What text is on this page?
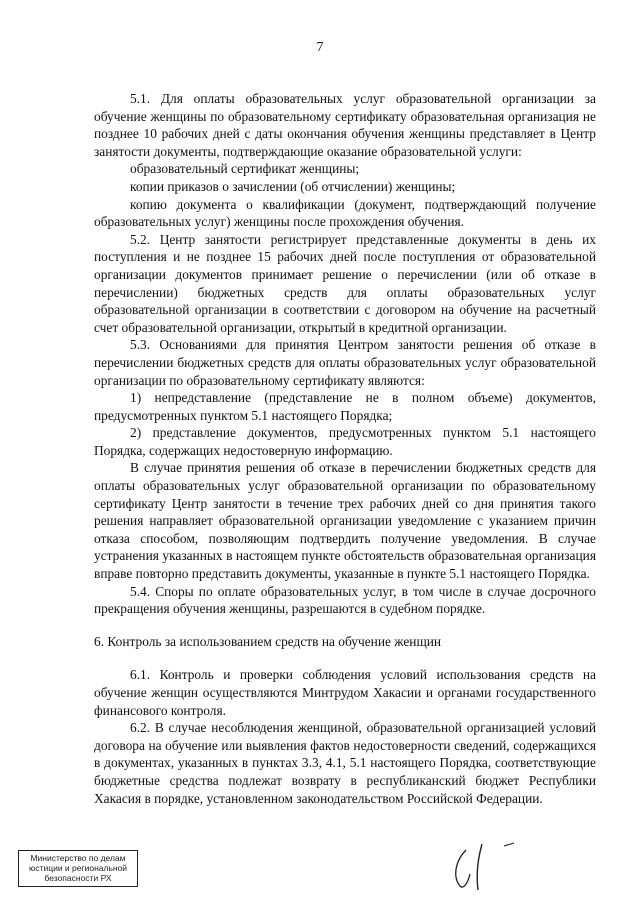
7

5.1. Для оплаты образовательных услуг образовательной организации за обучение женщины по образовательному сертификату образовательная организация не позднее 10 рабочих дней с даты окончания обучения женщины представляет в Центр занятости документы, подтверждающие оказание образовательной услуги:

образовательный сертификат женщины;

копии приказов о зачислении (об отчислении) женщины;

копию документа о квалификации (документ, подтверждающий получение образовательных услуг) женщины после прохождения обучения.

5.2. Центр занятости регистрирует представленные документы в день их поступления и не позднее 15 рабочих дней после поступления от образовательной организации документов принимает решение о перечислении (или об отказе в перечислении) бюджетных средств для оплаты образовательных услуг образовательной организации в соответствии с договором на обучение на расчетный счет образовательной организации, открытый в кредитной организации.

5.3. Основаниями для принятия Центром занятости решения об отказе в перечислении бюджетных средств для оплаты образовательных услуг образовательной организации по образовательному сертификату являются:

1) непредставление (представление не в полном объеме) документов, предусмотренных пунктом 5.1 настоящего Порядка;

2) представление документов, предусмотренных пунктом 5.1 настоящего Порядка, содержащих недостоверную информацию.

В случае принятия решения об отказе в перечислении бюджетных средств для оплаты образовательных услуг образовательной организации по образовательному сертификату Центр занятости в течение трех рабочих дней со дня принятия такого решения направляет образовательной организации уведомление с указанием причин отказа способом, позволяющим подтвердить получение уведомления. В случае устранения указанных в настоящем пункте обстоятельств образовательная организация вправе повторно представить документы, указанные в пункте 5.1 настоящего Порядка.

5.4. Споры по оплате образовательных услуг, в том числе в случае досрочного прекращения обучения женщины, разрешаются в судебном порядке.

6. Контроль за использованием средств на обучение женщин

6.1. Контроль и проверки соблюдения условий использования средств на обучение женщин осуществляются Минтрудом Хакасии и органами государственного финансового контроля.

6.2. В случае несоблюдения женщиной, образовательной организацией условий договора на обучение или выявления фактов недостоверности сведений, содержащихся в документах, указанных в пунктах 3.3, 4.1, 5.1 настоящего Порядка, соответствующие бюджетные средства подлежат возврату в республиканский бюджет Республики Хакасия в порядке, установленном законодательством Российской Федерации.

Министерство по делам
юстиции и региональной
безопасности РХ
